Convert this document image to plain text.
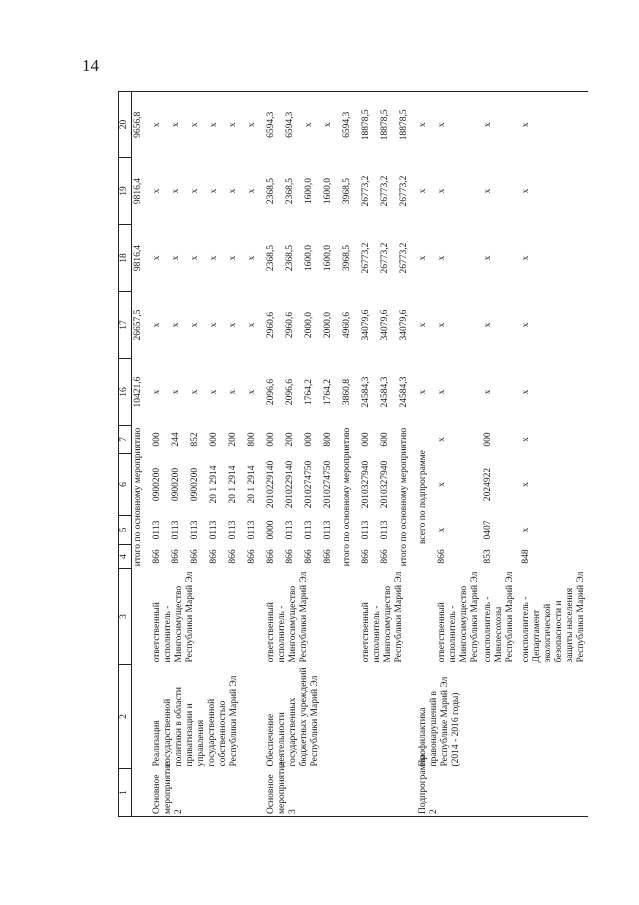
14
1	2	3	4	5	6	7	16	17	18	19	20
			итого по основному мероприятию				10421,6	26657,5	9816,4	9816,4	9656,8
Основное мероприятие 2	Реализация государственной политики в области приватизации и управления государственной собственностью Республики Марий Эл	ответственный исполнитель - Мингосимущество Республики Марий Эл	866	0113	0900200	000	x	x	x	x	x
			866	0113	0900200	244	x	x	x	x	x
			866	0113	0900200	852	x	x	x	x	x
			866	0113	20 1 2914	000	x	x	x	x	x
			866	0113	20 1 2914	200	x	x	x	x	x
			866	0113	20 1 2914	800	x	x	x	x	x
Основное мероприятие 3	Обеспечение деятельности государственных бюджетных учреждений Республики Марий Эл	ответственный исполнитель - Мингосимущество Республики Марий Эл	866	0000	2010229140	000	2096,6	2960,6	2368,5	2368,5	6594,3
			866	0113	2010229140	200	2096,6	2960,6	2368,5	2368,5	6594,3
			866	0113	2010274750	000	1764,2	2000,0	1600,0	1600,0	x
			866	0113	2010274750	800	1764,2	2000,0	1600,0	1600,0	x
			итого по основному мероприятию				3860,8	4960,6	3968,5	3968,5	6594,3
		ответственный исполнитель - Мингосимущество Республики Марий Эл	866	0113	2010327940	000	24584,3	34079,6	26773,2	26773,2	18878,5
			866	0113	2010327940	600	24584,3	34079,6	26773,2	26773,2	18878,5
			итого по основному мероприятию				24584,3	34079,6	26773,2	26773,2	18878,5
Подпрограмма 2	Профилактика правонарушений в Республике Марий Эл (2014 - 2016 годы)		всего по подпрограмме				x	x	x	x	x
		ответственный исполнитель - Мингосимущество Республики Марий Эл	866	x	x	x	x	x	x	x	x
		соисполнитель - Минлесохозы Республики Марий Эл	853	0407	2024922	000	x	x	x	x	x
		соисполнитель - Департамент экологической безопасности и защиты населения Республики Марий Эл	848	x	x	x	x	x	x	x	x
